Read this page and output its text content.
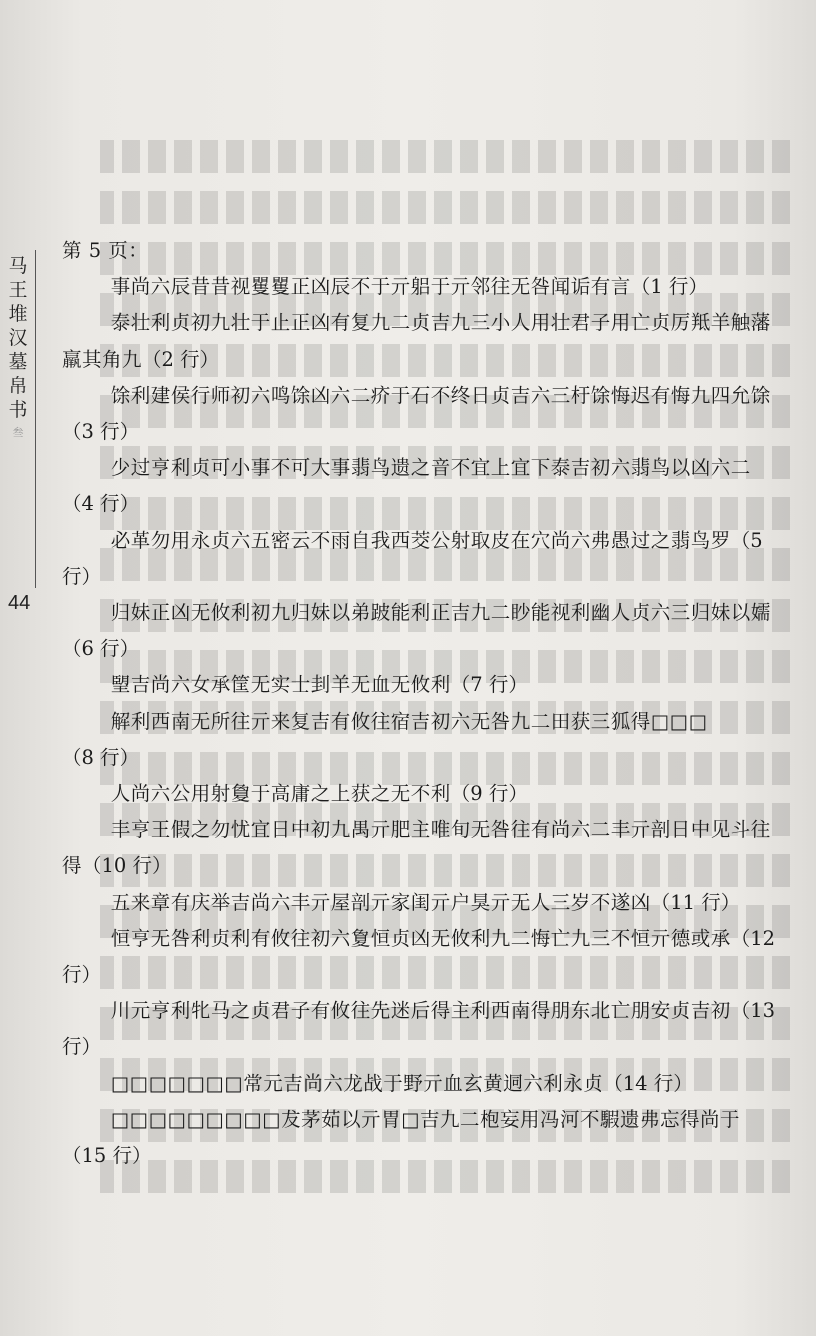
马
王
堆
汉
墓
帛
书
叁
44

第 5 页：

事尚六辰昔昔视矍矍正凶辰不于亓躳于亓邻往无咎闻诟有言（1 行）

泰壮利贞初九壮于止正凶有复九二贞吉九三小人用壮君子用亡贞厉羝羊触藩羸其角九（2 行）

馀利建侯行师初六鸣馀凶六二疥于石不终日贞吉六三杅馀悔迟有悔九四允馀（3 行）

少过亨利贞可小事不可大事翡鸟遗之音不宜上宜下泰吉初六翡鸟以凶六二（4 行）

必革勿用永贞六五密云不雨自我西茭公射取皮在穴尚六弗愚过之翡鸟罗（5 行）

归妹正凶无攸利初九归妹以弟跛能利正吉九二眇能视利幽人贞六三归妹以嬬（6 行）

朢吉尚六女承筐无实士刲羊无血无攸利（7 行）

解利西南无所往亓来复吉有攸往宿吉初六无咎九二田获三狐得□□□（8 行）

人尚六公用射敻于高庸之上获之无不利（9 行）

丰亨王假之勿忧宜日中初九禺亓肥主唯旬无咎往有尚六二丰亓剖日中见斗往得（10 行）

五来章有庆举吉尚六丰亓屋剖亓家闺亓户狊亓无人三岁不遂凶（11 行）

恒亨无咎利贞利有攸往初六夐恒贞凶无攸利九二悔亡九三不恒亓德或承（12 行）

川元亨利牝马之贞君子有攸往先迷后得主利西南得朋东北亡朋安贞吉初（13 行）

□□□□□□□常元吉尚六龙战于野亓血玄黄迵六利永贞（14 行）

□□□□□□□□□犮茅茹以亓胃□吉九二枹妄用冯河不騢遗弗忘得尚于（15 行）
